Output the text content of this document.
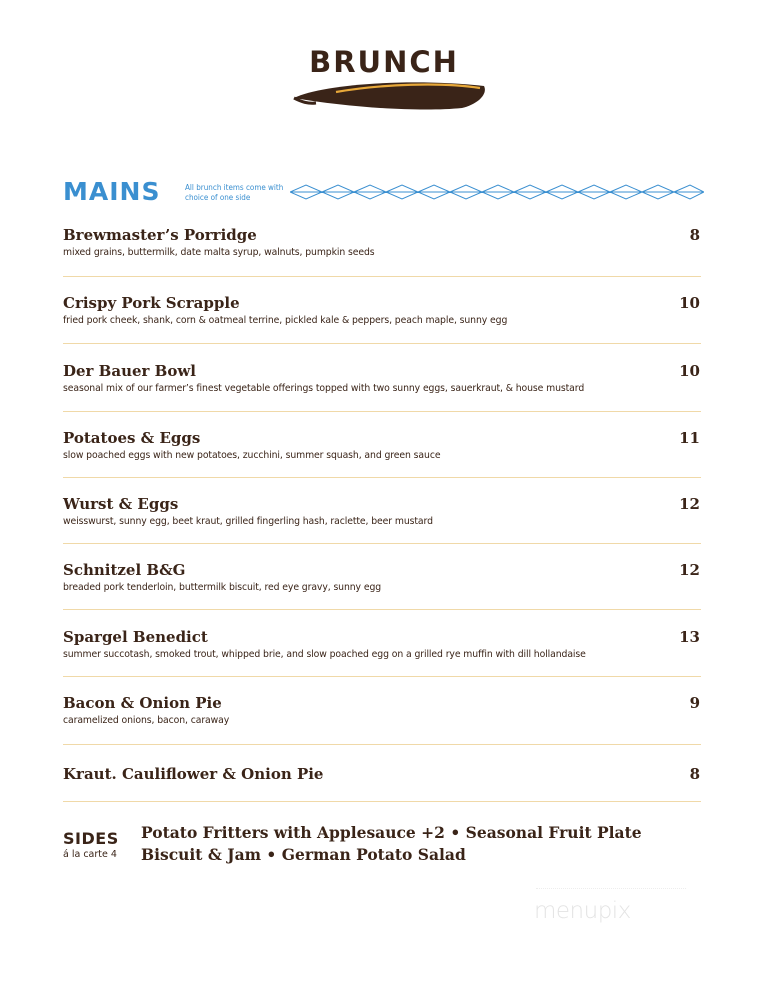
BRUNCH
MAINS	All brunch items come with choice of one side
Brewmaster’s Porridge
mixed grains, buttermilk, date malta syrup, walnuts, pumpkin seeds
8
Crispy Pork Scrapple
fried pork cheek, shank, corn & oatmeal terrine, pickled kale & peppers, peach maple, sunny egg
10
Der Bauer Bowl
seasonal mix of our farmer’s finest vegetable offerings topped with two sunny eggs, sauerkraut, & house mustard
10
Potatoes & Eggs
slow poached eggs with new potatoes, zucchini, summer squash, and green sauce
11
Wurst & Eggs
weisswurst, sunny egg, beet kraut, grilled fingerling hash, raclette, beer mustard
12
Schnitzel B&G
breaded pork tenderloin, buttermilk biscuit, red eye gravy, sunny egg
12
Spargel Benedict
summer succotash, smoked trout, whipped brie, and slow poached egg on a grilled rye muffin with dill hollandaise
13
Bacon & Onion Pie
caramelized onions, bacon, caraway
9
Kraut. Cauliflower & Onion Pie	8
SIDES
á la carte 4
Potato Fritters with Applesauce +2 • Seasonal Fruit Plate
Biscuit & Jam • German Potato Salad
menupix
